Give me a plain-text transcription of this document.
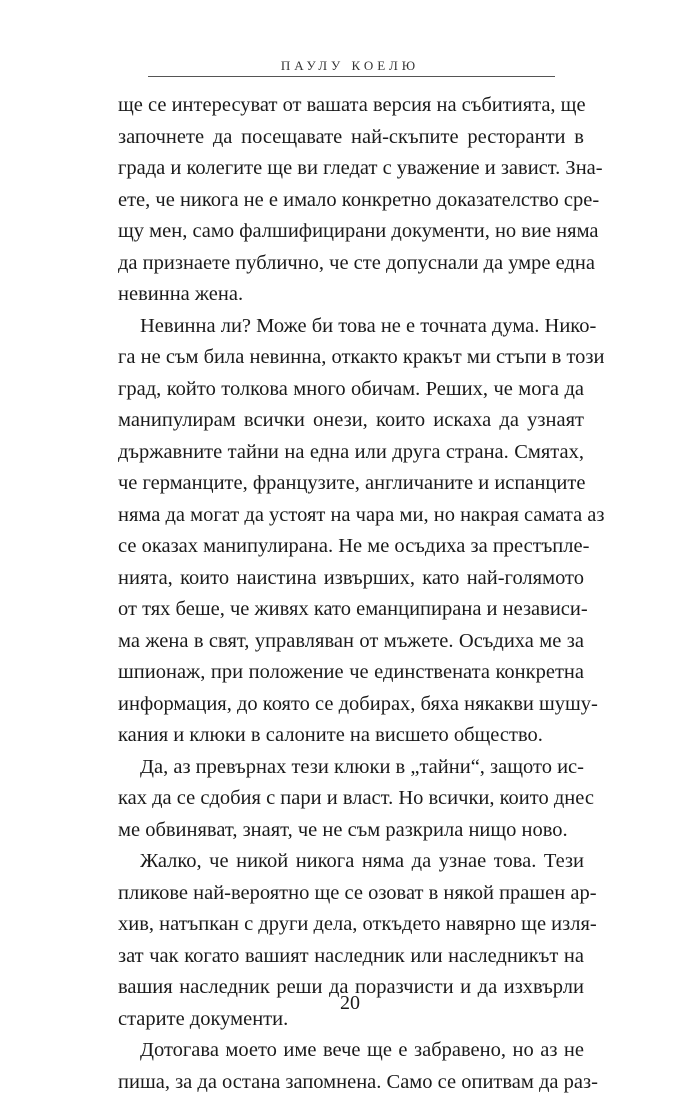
ПАУЛУ КОЕЛЮ
ще се интересуват от вашата версия на събитията, ще
започнете да посещавате най-скъпите ресторанти в
града и колегите ще ви гледат с уважение и завист. Зна-
ете, че никога не е имало конкретно доказателство сре-
щу мен, само фалшифицирани документи, но вие няма
да признаете публично, че сте допуснали да умре една
невинна жена.
Невинна ли? Може би това не е точната дума. Нико-
га не съм била невинна, откакто кракът ми стъпи в този
град, който толкова много обичам. Реших, че мога да
манипулирам всички онези, които искаха да узнаят
държавните тайни на една или друга страна. Смятах,
че германците, французите, англичаните и испанците
няма да могат да устоят на чара ми, но накрая самата аз
се оказах манипулирана. Не ме осъдиха за престъпле-
нията, които наистина извърших, като най-голямото
от тях беше, че живях като еманципирана и независи-
ма жена в свят, управляван от мъжете. Осъдиха ме за
шпионаж, при положение че единствената конкретна
информация, до която се добирах, бяха някакви шушу-
кания и клюки в салоните на висшето общество.
Да, аз превърнах тези клюки в „тайни“, защото ис-
ках да се сдобия с пари и власт. Но всички, които днес
ме обвиняват, знаят, че не съм разкрила нищо ново.
Жалко, че никой никога няма да узнае това. Тези
пликове най-вероятно ще се озоват в някой прашен ар-
хив, натъпкан с други дела, откъдето навярно ще изля-
зат чак когато вашият наследник или наследникът на
вашия наследник реши да поразчисти и да изхвърли
старите документи.
Дотогава моето име вече ще е забравено, но аз не
пиша, за да остана запомнена. Само се опитвам да раз-
20
